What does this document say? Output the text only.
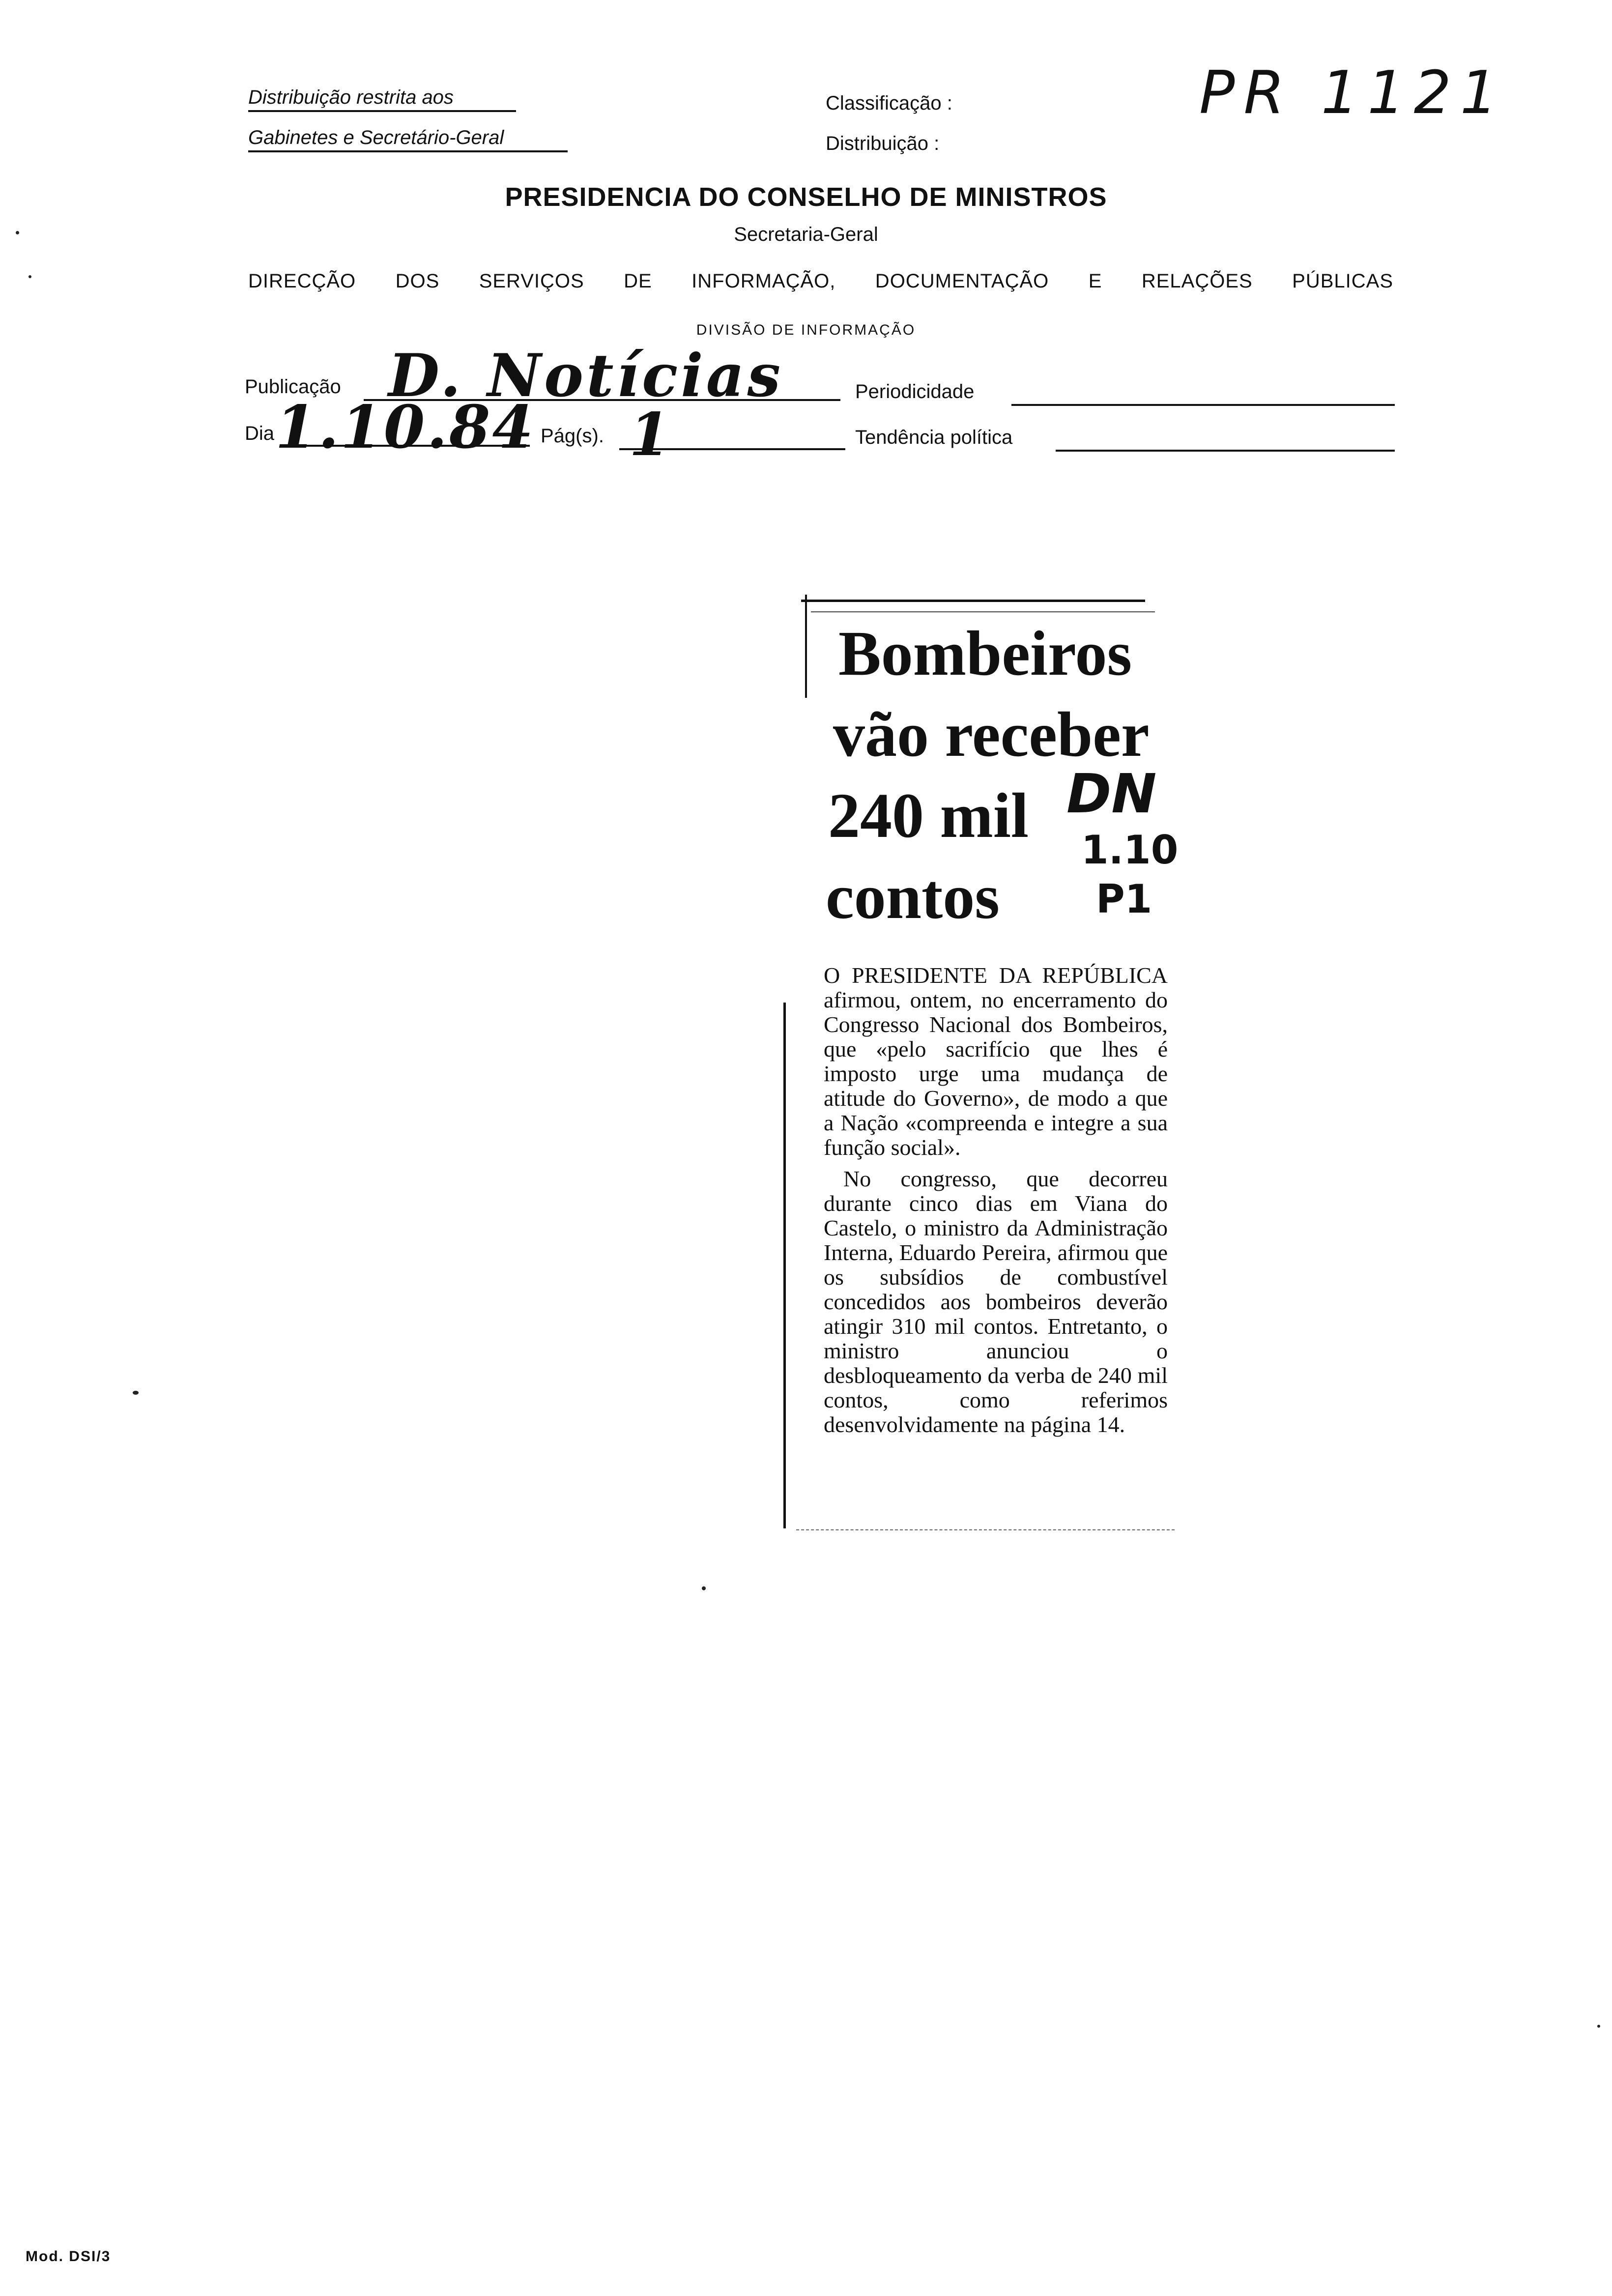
Distribuição restrita aos
Gabinetes e Secretário-Geral
Classificação :
Distribuição :
PR 1121
PRESIDENCIA DO CONSELHO DE MINISTROS
Secretaria-Geral
DIRECÇÃO DOS SERVIÇOS DE INFORMAÇÃO, DOCUMENTAÇÃO E RELAÇÕES PÚBLICAS
DIVISÃO DE INFORMAÇÃO
Publicação D. Notícias	Periodicidade
Dia 1.10.84 Pág(s). 1	Tendência política
Bombeiros
vão receber
240 mil
contos
DN
1.10
P1

O PRESIDENTE DA REPÚBLICA afirmou, ontem, no encerramento do Congresso Nacional dos Bombeiros, que «pelo sacrifício que lhes é imposto urge uma mudança de atitude do Governo», de modo a que a Nação «compreenda e integre a sua função social».

No congresso, que decorreu durante cinco dias em Viana do Castelo, o ministro da Administração Interna, Eduardo Pereira, afirmou que os subsídios de combustível concedidos aos bombeiros deverão atingir 310 mil contos. Entretanto, o ministro anunciou o desbloqueamento da verba de 240 mil contos, como referimos desenvolvidamente na página 14.

Mod. DSI/3
